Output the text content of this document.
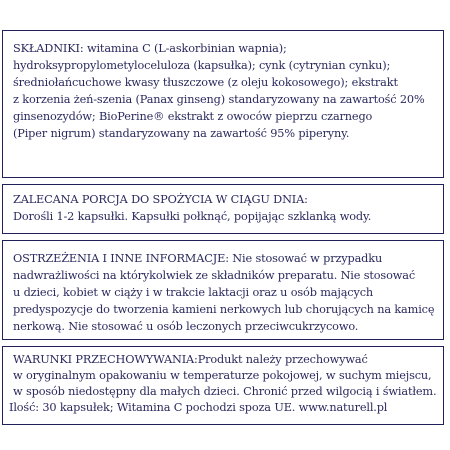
SKŁADNIKI: witamina C (L-askorbinian wapnia);

hydroksypropylometyloceluloza (kapsułka); cynk (cytrynian cynku);

średniołańcuchowe kwasy tłuszczowe (z oleju kokosowego); ekstrakt

z korzenia żeń-szenia (Panax ginseng) standaryzowany na zawartość 20%

ginsenozydów; BioPerine® ekstrakt z owoców pieprzu czarnego

(Piper nigrum) standaryzowany na zawartość 95% piperyny.

ZALECANA PORCJA DO SPOŻYCIA W CIĄGU DNIA:

Dorośli 1-2 kapsułki. Kapsułki połknąć, popijając szklanką wody.

OSTRZEŻENIA I INNE INFORMACJE: Nie stosować w przypadku

nadwrażliwości na którykolwiek ze składników preparatu. Nie stosować

u dzieci, kobiet w ciąży i w trakcie laktacji oraz u osób mających

predyspozycje do tworzenia kamieni nerkowych lub chorujących na kamicę

nerkową. Nie stosować u osób leczonych przeciwcukrzycowo.

WARUNKI PRZECHOWYWANIA:Produkt należy przechowywać

w oryginalnym opakowaniu w temperaturze pokojowej, w suchym miejscu,

w sposób niedostępny dla małych dzieci. Chronić przed wilgocią i światłem.

Ilość: 30 kapsułek; Witamina C pochodzi spoza UE. www.naturell.pl
